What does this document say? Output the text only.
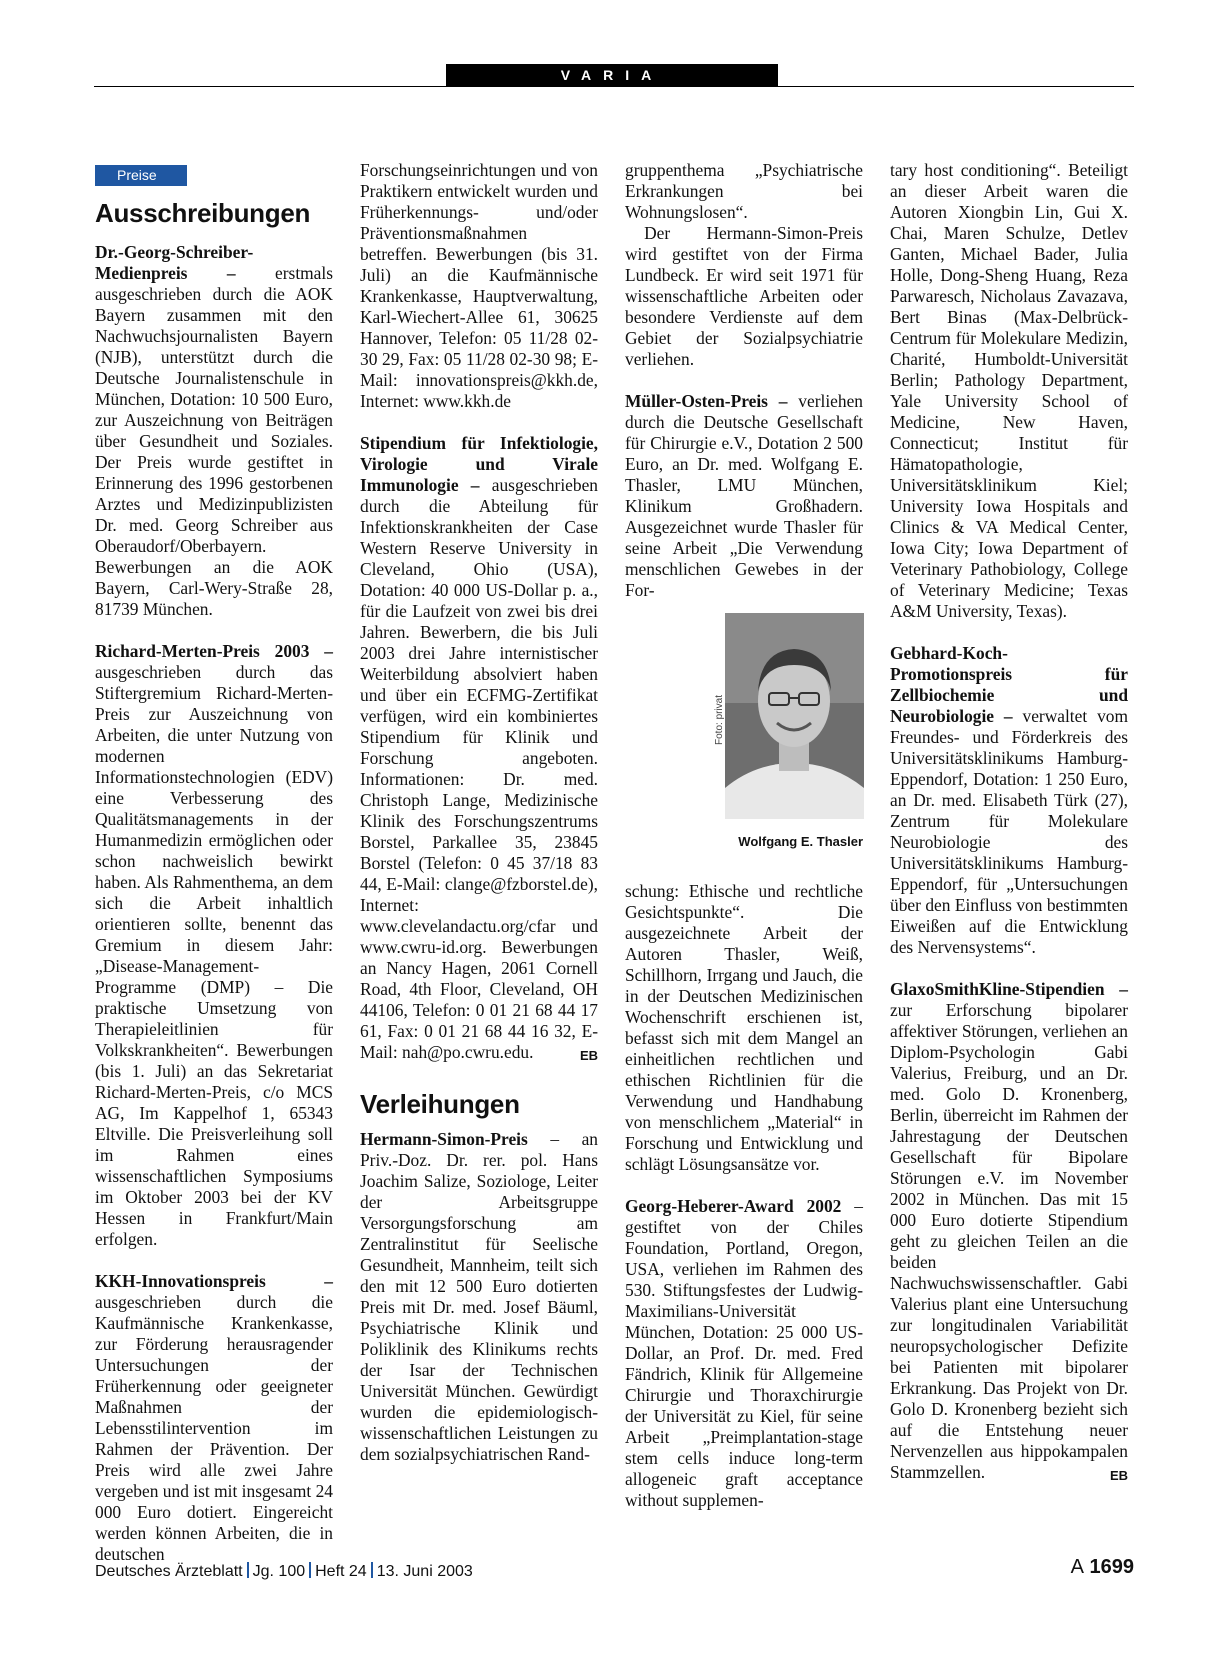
VARIA
Preise
Ausschreibungen

Dr.-Georg-Schreiber-Medienpreis – erstmals ausgeschrieben durch die AOK Bayern zusammen mit den Nachwuchsjournalisten Bayern (NJB), unterstützt durch die Deutsche Journalistenschule in München, Dotation: 10 500 Euro, zur Auszeichnung von Beiträgen über Gesundheit und Soziales. Der Preis wurde gestiftet in Erinnerung des 1996 gestorbenen Arztes und Medizinpublizisten Dr. med. Georg Schreiber aus Oberaudorf/Oberbayern. Bewerbungen an die AOK Bayern, Carl-Wery-Straße 28, 81739 München.

Richard-Merten-Preis 2003 – ausgeschrieben durch das Stiftergremium Richard-Merten-Preis zur Auszeichnung von Arbeiten, die unter Nutzung von modernen Informationstechnologien (EDV) eine Verbesserung des Qualitätsmanagements in der Humanmedizin ermöglichen oder schon nachweislich bewirkt haben. Als Rahmenthema, an dem sich die Arbeit inhaltlich orientieren sollte, benennt das Gremium in diesem Jahr: „Disease-Management-Programme (DMP) – Die praktische Umsetzung von Therapieleitlinien für Volkskrankheiten“. Bewerbungen (bis 1. Juli) an das Sekretariat Richard-Merten-Preis, c/o MCS AG, Im Kappelhof 1, 65343 Eltville. Die Preisverleihung soll im Rahmen eines wissenschaftlichen Symposiums im Oktober 2003 bei der KV Hessen in Frankfurt/Main erfolgen.

KKH-Innovationspreis – ausgeschrieben durch die Kaufmännische Krankenkasse, zur Förderung herausragender Untersuchungen der Früherkennung oder geeigneter Maßnahmen der Lebensstilintervention im Rahmen der Prävention. Der Preis wird alle zwei Jahre vergeben und ist mit insgesamt 24 000 Euro dotiert. Eingereicht werden können Arbeiten, die in deutschen

Forschungseinrichtungen und von Praktikern entwickelt wurden und Früherkennungs- und/oder Präventionsmaßnahmen betreffen. Bewerbungen (bis 31. Juli) an die Kaufmännische Krankenkasse, Hauptverwaltung, Karl-Wiechert-Allee 61, 30625 Hannover, Telefon: 05 11/28 02-30 29, Fax: 05 11/28 02-30 98; E-Mail: innovationspreis@kkh.de, Internet: www.kkh.de

Stipendium für Infektiologie, Virologie und Virale Immunologie – ausgeschrieben durch die Abteilung für Infektionskrankheiten der Case Western Reserve University in Cleveland, Ohio (USA), Dotation: 40 000 US-Dollar p. a., für die Laufzeit von zwei bis drei Jahren. Bewerbern, die bis Juli 2003 drei Jahre internistischer Weiterbildung absolviert haben und über ein ECFMG-Zertifikat verfügen, wird ein kombiniertes Stipendium für Klinik und Forschung angeboten. Informationen: Dr. med. Christoph Lange, Medizinische Klinik des Forschungszentrums Borstel, Parkallee 35, 23845 Borstel (Telefon: 0 45 37/18 83 44, E-Mail: clange@fzborstel.de), Internet: www.clevelandactu.org/cfar und www.cwru-id.org. Bewerbungen an Nancy Hagen, 2061 Cornell Road, 4th Floor, Cleveland, OH 44106, Telefon: 0 01 21 68 44 17 61, Fax: 0 01 21 68 44 16 32, E-Mail: nah@po.cwru.edu.	EB

Verleihungen

Hermann-Simon-Preis – an Priv.-Doz. Dr. rer. pol. Hans Joachim Salize, Soziologe, Leiter der Arbeitsgruppe Versorgungsforschung am Zentralinstitut für Seelische Gesundheit, Mannheim, teilt sich den mit 12 500 Euro dotierten Preis mit Dr. med. Josef Bäuml, Psychiatrische Klinik und Poliklinik des Klinikums rechts der Isar der Technischen Universität München. Gewürdigt wurden die epidemiologisch-wissenschaftlichen Leistungen zu dem sozialpsychiatrischen Rand-

gruppenthema „Psychiatrische Erkrankungen bei Wohnungslosen“.

Der Hermann-Simon-Preis wird gestiftet von der Firma Lundbeck. Er wird seit 1971 für wissenschaftliche Arbeiten oder besondere Verdienste auf dem Gebiet der Sozialpsychiatrie verliehen.

Müller-Osten-Preis – verliehen durch die Deutsche Gesellschaft für Chirurgie e.V., Dotation 2 500 Euro, an Dr. med. Wolfgang E. Thasler, LMU München, Klinikum Großhadern. Ausgezeichnet wurde Thasler für seine Arbeit „Die Verwendung menschlichen Gewebes in der For-

Foto: privat
Wolfgang E. Thasler

schung: Ethische und rechtliche Gesichtspunkte“. Die ausgezeichnete Arbeit der Autoren Thasler, Weiß, Schillhorn, Irrgang und Jauch, die in der Deutschen Medizinischen Wochenschrift erschienen ist, befasst sich mit dem Mangel an einheitlichen rechtlichen und ethischen Richtlinien für die Verwendung und Handhabung von menschlichem „Material“ in Forschung und Entwicklung und schlägt Lösungsansätze vor.

Georg-Heberer-Award 2002 – gestiftet von der Chiles Foundation, Portland, Oregon, USA, verliehen im Rahmen des 530. Stiftungsfestes der Ludwig-Maximilians-Universität München, Dotation: 25 000 US-Dollar, an Prof. Dr. med. Fred Fändrich, Klinik für Allgemeine Chirurgie und Thoraxchirurgie der Universität zu Kiel, für seine Arbeit „Preimplantation-stage stem cells induce long-term allogeneic graft acceptance without supplemen-

tary host conditioning“. Beteiligt an dieser Arbeit waren die Autoren Xiongbin Lin, Gui X. Chai, Maren Schulze, Detlev Ganten, Michael Bader, Julia Holle, Dong-Sheng Huang, Reza Parwaresch, Nicholaus Zavazava, Bert Binas (Max-Delbrück-Centrum für Molekulare Medizin, Charité, Humboldt-Universität Berlin; Pathology Department, Yale University School of Medicine, New Haven, Connecticut; Institut für Hämatopathologie, Universitätsklinikum Kiel; University Iowa Hospitals and Clinics & VA Medical Center, Iowa City; Iowa Department of Veterinary Pathobiology, College of Veterinary Medicine; Texas A&M University, Texas).

Gebhard-Koch-Promotionspreis für Zellbiochemie und Neurobiologie – verwaltet vom Freundes- und Förderkreis des Universitätsklinikums Hamburg-Eppendorf, Dotation: 1 250 Euro, an Dr. med. Elisabeth Türk (27), Zentrum für Molekulare Neurobiologie des Universitätsklinikums Hamburg-Eppendorf, für „Untersuchungen über den Einfluss von bestimmten Eiweißen auf die Entwicklung des Nervensystems“.

GlaxoSmithKline-Stipendien – zur Erforschung bipolarer affektiver Störungen, verliehen an Diplom-Psychologin Gabi Valerius, Freiburg, und an Dr. med. Golo D. Kronenberg, Berlin, überreicht im Rahmen der Jahrestagung der Deutschen Gesellschaft für Bipolare Störungen e.V. im November 2002 in München. Das mit 15 000 Euro dotierte Stipendium geht zu gleichen Teilen an die beiden Nachwuchswissenschaftler. Gabi Valerius plant eine Untersuchung zur longitudinalen Variabilität neuropsychologischer Defizite bei Patienten mit bipolarer Erkrankung. Das Projekt von Dr. Golo D. Kronenberg bezieht sich auf die Entstehung neuer Nervenzellen aus hippokampalen Stammzellen.	EB

Deutsches Ärzteblatt Jg. 100 Heft 24 13. Juni 2003	A 1699
